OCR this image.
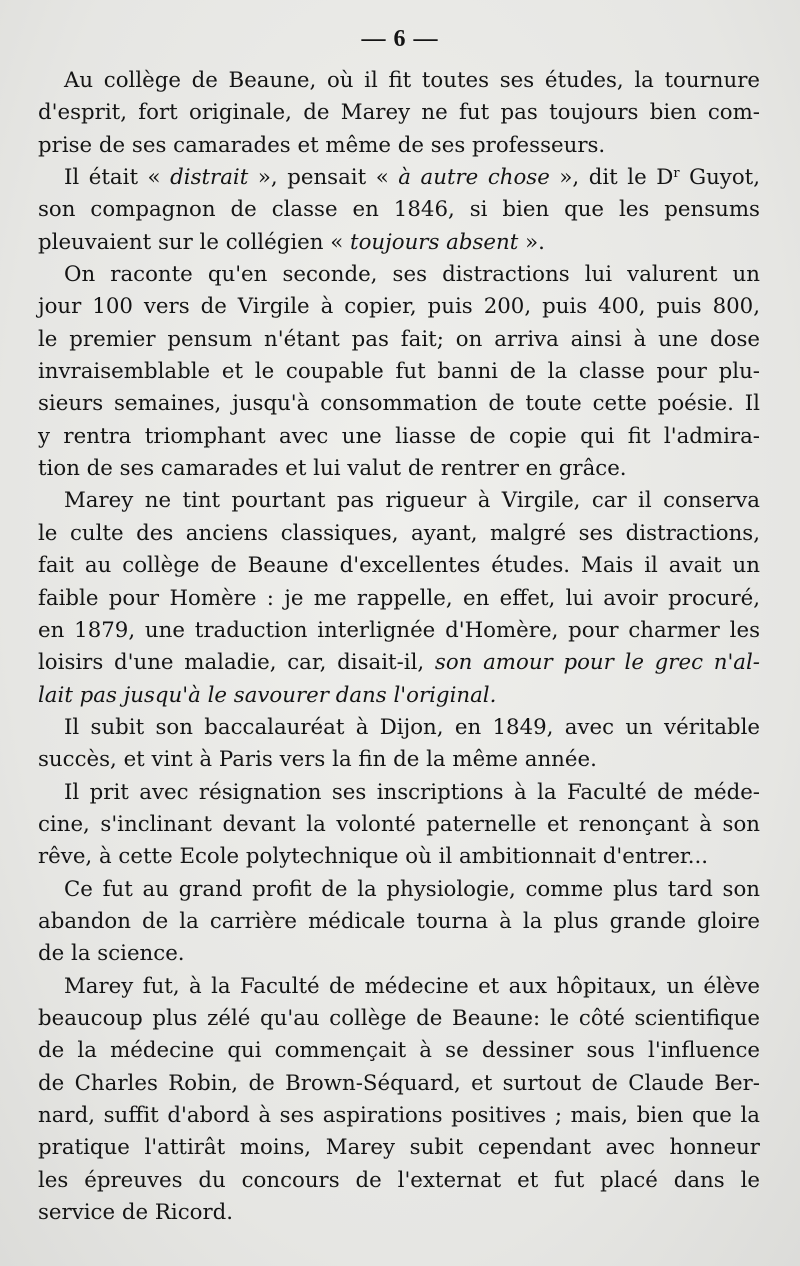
— 6 —
Au collège de Beaune, où il fit toutes ses études, la tournure
d'esprit, fort originale, de Marey ne fut pas toujours bien com-
prise de ses camarades et même de ses professeurs.
Il était « distrait », pensait « à autre chose », dit le $D^r$ Guyot,
son compagnon de classe en 1846, si bien que les pensums
pleuvaient sur le collégien « toujours absent ».
On raconte qu'en seconde, ses distractions lui valurent un
jour 100 vers de Virgile à copier, puis 200, puis 400, puis 800,
le premier pensum n'étant pas fait; on arriva ainsi à une dose
invraisemblable et le coupable fut banni de la classe pour plu-
sieurs semaines, jusqu'à consommation de toute cette poésie. Il
y rentra triomphant avec une liasse de copie qui fit l'admira-
tion de ses camarades et lui valut de rentrer en grâce.
Marey ne tint pourtant pas rigueur à Virgile, car il conserva
le culte des anciens classiques, ayant, malgré ses distractions,
fait au collège de Beaune d'excellentes études. Mais il avait un
faible pour Homère : je me rappelle, en effet, lui avoir procuré,
en 1879, une traduction interlignée d'Homère, pour charmer les
loisirs d'une maladie, car, disait-il, son amour pour le grec n'al-
lait pas jusqu'à le savourer dans l'original.
Il subit son baccalauréat à Dijon, en 1849, avec un véritable
succès, et vint à Paris vers la fin de la même année.
Il prit avec résignation ses inscriptions à la Faculté de méde-
cine, s'inclinant devant la volonté paternelle et renonçant à son
rêve, à cette Ecole polytechnique où il ambitionnait d'entrer...
Ce fut au grand profit de la physiologie, comme plus tard son
abandon de la carrière médicale tourna à la plus grande gloire
de la science.
Marey fut, à la Faculté de médecine et aux hôpitaux, un élève
beaucoup plus zélé qu'au collège de Beaune: le côté scientifique
de la médecine qui commençait à se dessiner sous l'influence
de Charles Robin, de Brown-Séquard, et surtout de Claude Ber-
nard, suffit d'abord à ses aspirations positives ; mais, bien que la
pratique l'attirât moins, Marey subit cependant avec honneur
les épreuves du concours de l'externat et fut placé dans le
service de Ricord.
